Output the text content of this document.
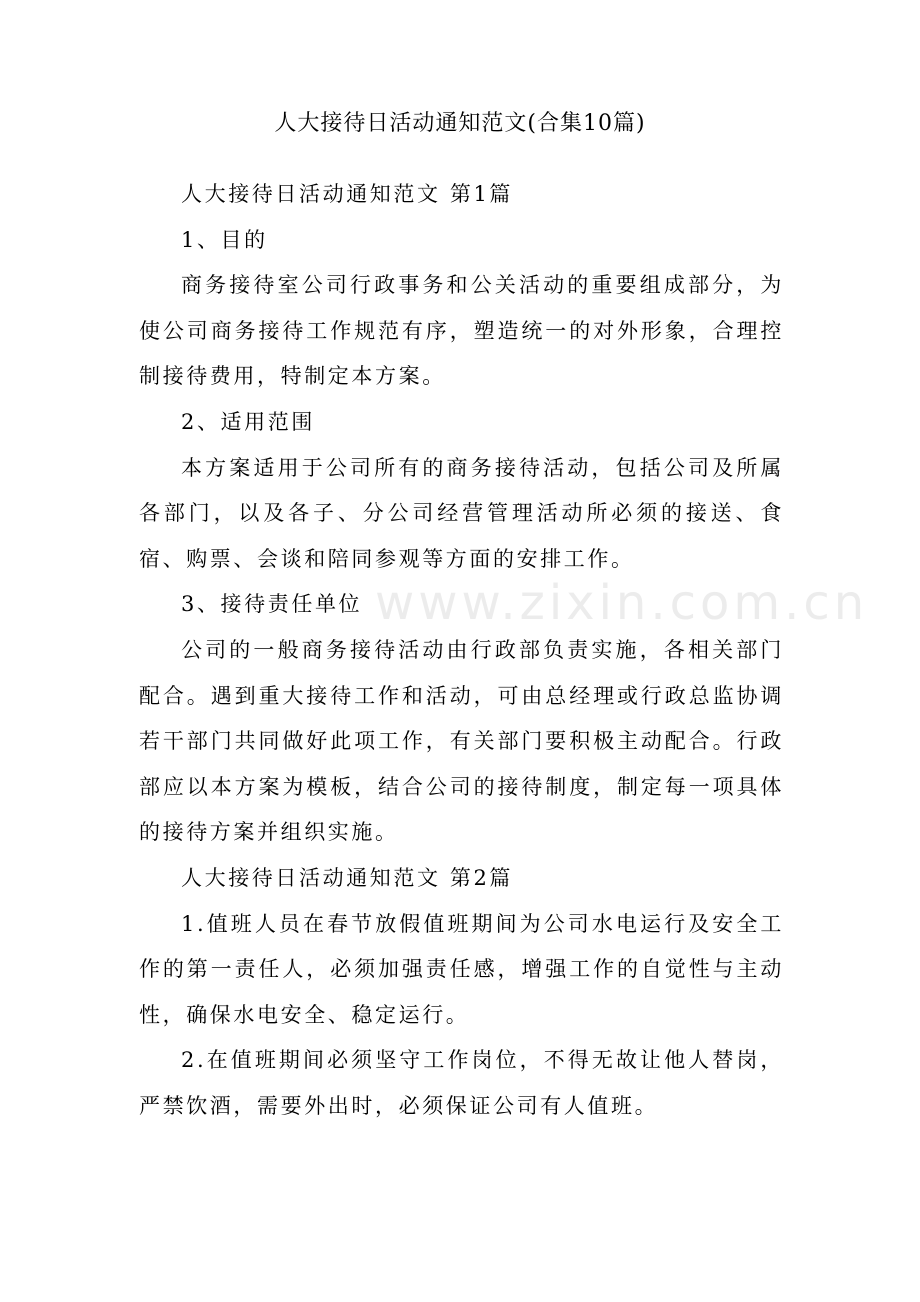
www.zixin.com.cn
人大接待日活动通知范文(合集10篇)

人大接待日活动通知范文 第1篇

1、目的

商务接待室公司行政事务和公关活动的重要组成部分，为使公司商务接待工作规范有序，塑造统一的对外形象，合理控制接待费用，特制定本方案。

2、适用范围

本方案适用于公司所有的商务接待活动，包括公司及所属各部门，以及各子、分公司经营管理活动所必须的接送、食宿、购票、会谈和陪同参观等方面的安排工作。

3、接待责任单位

公司的一般商务接待活动由行政部负责实施，各相关部门配合。遇到重大接待工作和活动，可由总经理或行政总监协调若干部门共同做好此项工作，有关部门要积极主动配合。行政部应以本方案为模板，结合公司的接待制度，制定每一项具体的接待方案并组织实施。

人大接待日活动通知范文 第2篇

1.值班人员在春节放假值班期间为公司水电运行及安全工作的第一责任人，必须加强责任感，增强工作的自觉性与主动性，确保水电安全、稳定运行。

2.在值班期间必须坚守工作岗位，不得无故让他人替岗，严禁饮酒，需要外出时，必须保证公司有人值班。
